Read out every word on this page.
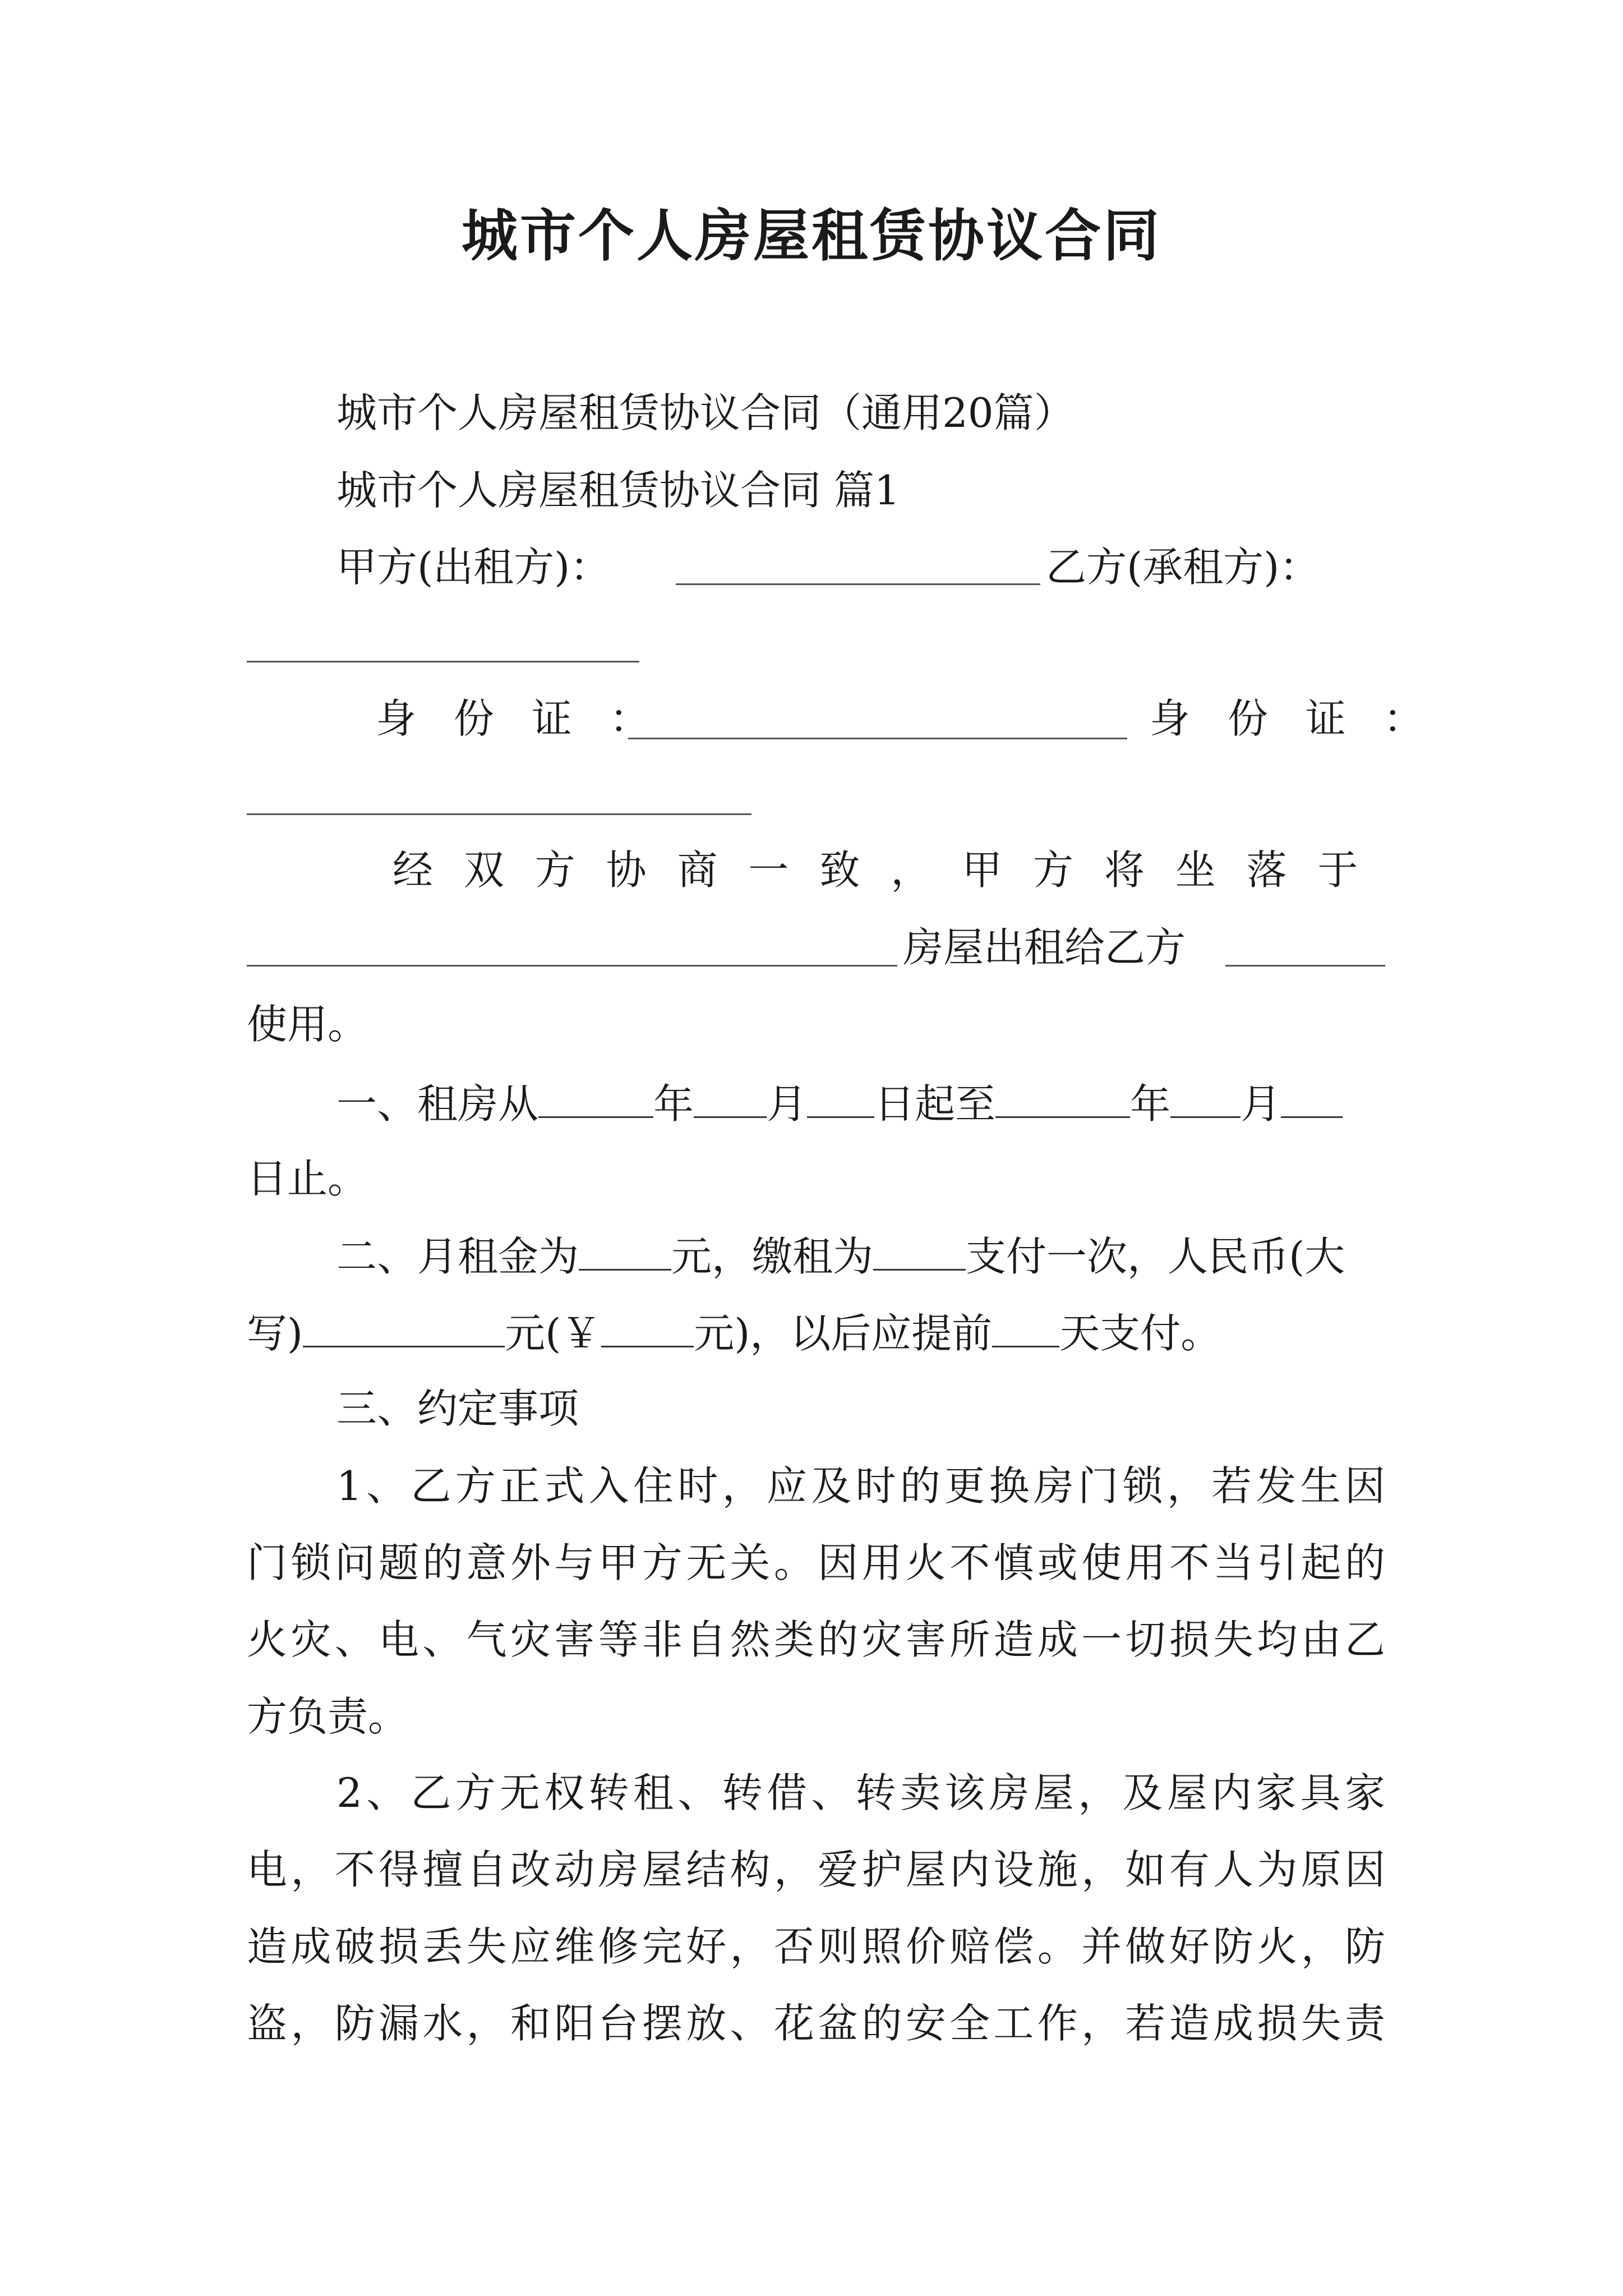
城市个人房屋租赁协议合同
城市个人房屋租赁协议合同（通用20篇）
城市个人房屋租赁协议合同 篇1
甲方(出租方)：	乙方(承租方)：
身 份 证 ：	身 份 证 ：
经 双 方 协 商 一 致 ， 甲 方 将 坐 落 于
房屋出租给乙方
使用。
一、租房从	年 月 日起至	年 月
日止。
二、月租金为 元，缴租为 支付一次，人民币(大
写)	元(￥ 元)，以后应提前 天支付。
三、约定事项
1、乙方正式入住时，应及时的更换房门锁，若发生因
门锁问题的意外与甲方无关。因用火不慎或使用不当引起的
火灾、电、气灾害等非自然类的灾害所造成一切损失均由乙
方负责。
2、乙方无权转租、转借、转卖该房屋，及屋内家具家
电，不得擅自改动房屋结构，爱护屋内设施，如有人为原因
造成破损丢失应维修完好，否则照价赔偿。并做好防火，防
盗，防漏水，和阳台摆放、花盆的安全工作，若造成损失责
